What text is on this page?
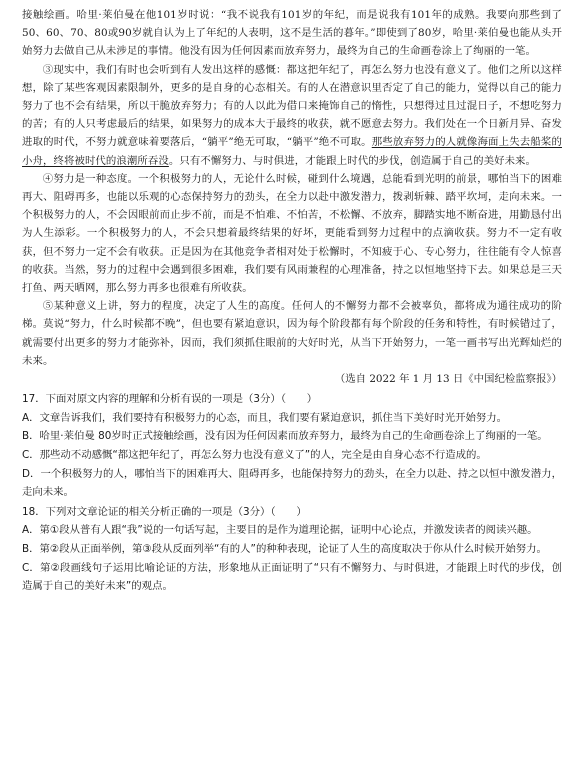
接触绘画。哈里·莱伯曼在他101岁时说：“我不说我有101岁的年纪，而是说我有101年的成熟。我要向那些到了50、60、70、80或90岁就自认为上了年纪的人表明，这不是生活的暮年。”即使到了80岁，哈里·莱伯曼也能从头开始努力去做自己从未涉足的事情。他没有因为任何因素而放弃努力，最终为自己的生命画卷涂上了绚丽的一笔。

③现实中，我们有时也会听到有人发出这样的感慨：都这把年纪了，再怎么努力也没有意义了。他们之所以这样想，除了某些客观因素限制外，更多的是自身的心态相关。有的人在潜意识里否定了自己的能力，觉得以自己的能力努力了也不会有结果，所以干脆放弃努力；有的人以此为借口来掩饰自己的惰性，只想得过且过混日子，不想吃努力的苦；有的人只考虑最后的结果，如果努力的成本大于最终的收获，就不愿意去努力。我们处在一个日新月异、奋发进取的时代，不努力就意味着要落后，“躺平”绝无可取，“躺平”绝不可取。那些放弃努力的人就像海面上失去船桨的小舟，终将被时代的浪潮所吞没。只有不懈努力、与时俱进，才能跟上时代的步伐，创造属于自己的美好未来。

④努力是一种态度。一个积极努力的人，无论什么时候，碰到什么境遇，总能看到光明的前景，哪怕当下的困难再大、阻碍再多，也能以乐观的心态保持努力的劲头，在全力以赴中激发潜力，拨剥斩棘、踏平坎坷，走向未来。一个积极努力的人，不会因眼前而止步不前，而是不怕难、不怕苦，不松懈、不放弃，脚踏实地不断奋进，用勤恳付出为人生添彩。一个积极努力的人，不会只想着最终结果的好坏，更能看到努力过程中的点滴收获。努力不一定有收获，但不努力一定不会有收获。正是因为在其他竞争者相对处于松懈时，不知疲于心、专心努力，往往能有令人惊喜的收获。当然，努力的过程中会遇到很多困难，我们要有风雨兼程的心理准备，持之以恒地坚持下去。如果总是三天打鱼、两天晒网，那么努力再多也很难有所收获。

⑤某种意义上讲，努力的程度，决定了人生的高度。任何人的不懈努力都不会被辜负，都将成为通往成功的阶梯。莫说“努力，什么时候都不晚”，但也要有紧迫意识，因为每个阶段都有每个阶段的任务和特性，有时候错过了，就需要付出更多的努力才能弥补，因而，我们须抓住眼前的大好时光，从当下开始努力，一笔一画书写出光辉灿烂的未来。

（选自 2022 年 1 月 13 日《中国纪检监察报》）

17．下面对原文内容的理解和分析有误的一项是（3分）（　　）

A．文章告诉我们，我们要持有积极努力的心态，而且，我们要有紧迫意识，抓住当下美好时光开始努力。

B．哈里·莱伯曼 80岁时正式接触绘画，没有因为任何因素而放弃努力，最终为自己的生命画卷涂上了绚丽的一笔。

C．那些动不动感慨“都这把年纪了，再怎么努力也没有意义了”的人，完全是由自身心态不行造成的。

D．一个积极努力的人，哪怕当下的困难再大、阻碍再多，也能保持努力的劲头，在全力以赴、持之以恒中激发潜力，走向未来。

18．下列对文章论证的相关分析正确的一项是（3分）（　　）

A．第①段从普有人跟“我”说的一句话写起，主要目的是作为道理论据，证明中心论点，并激发读者的阅读兴趣。

B．第②段从正面举例，第③段从反面列举“有的人”的种种表现，论证了人生的高度取决于你从什么时候开始努力。

C．第②段画线句子运用比喻论证的方法，形象地从正面证明了“只有不懈努力、与时俱进，才能跟上时代的步伐，创造属于自己的美好未来”的观点。
